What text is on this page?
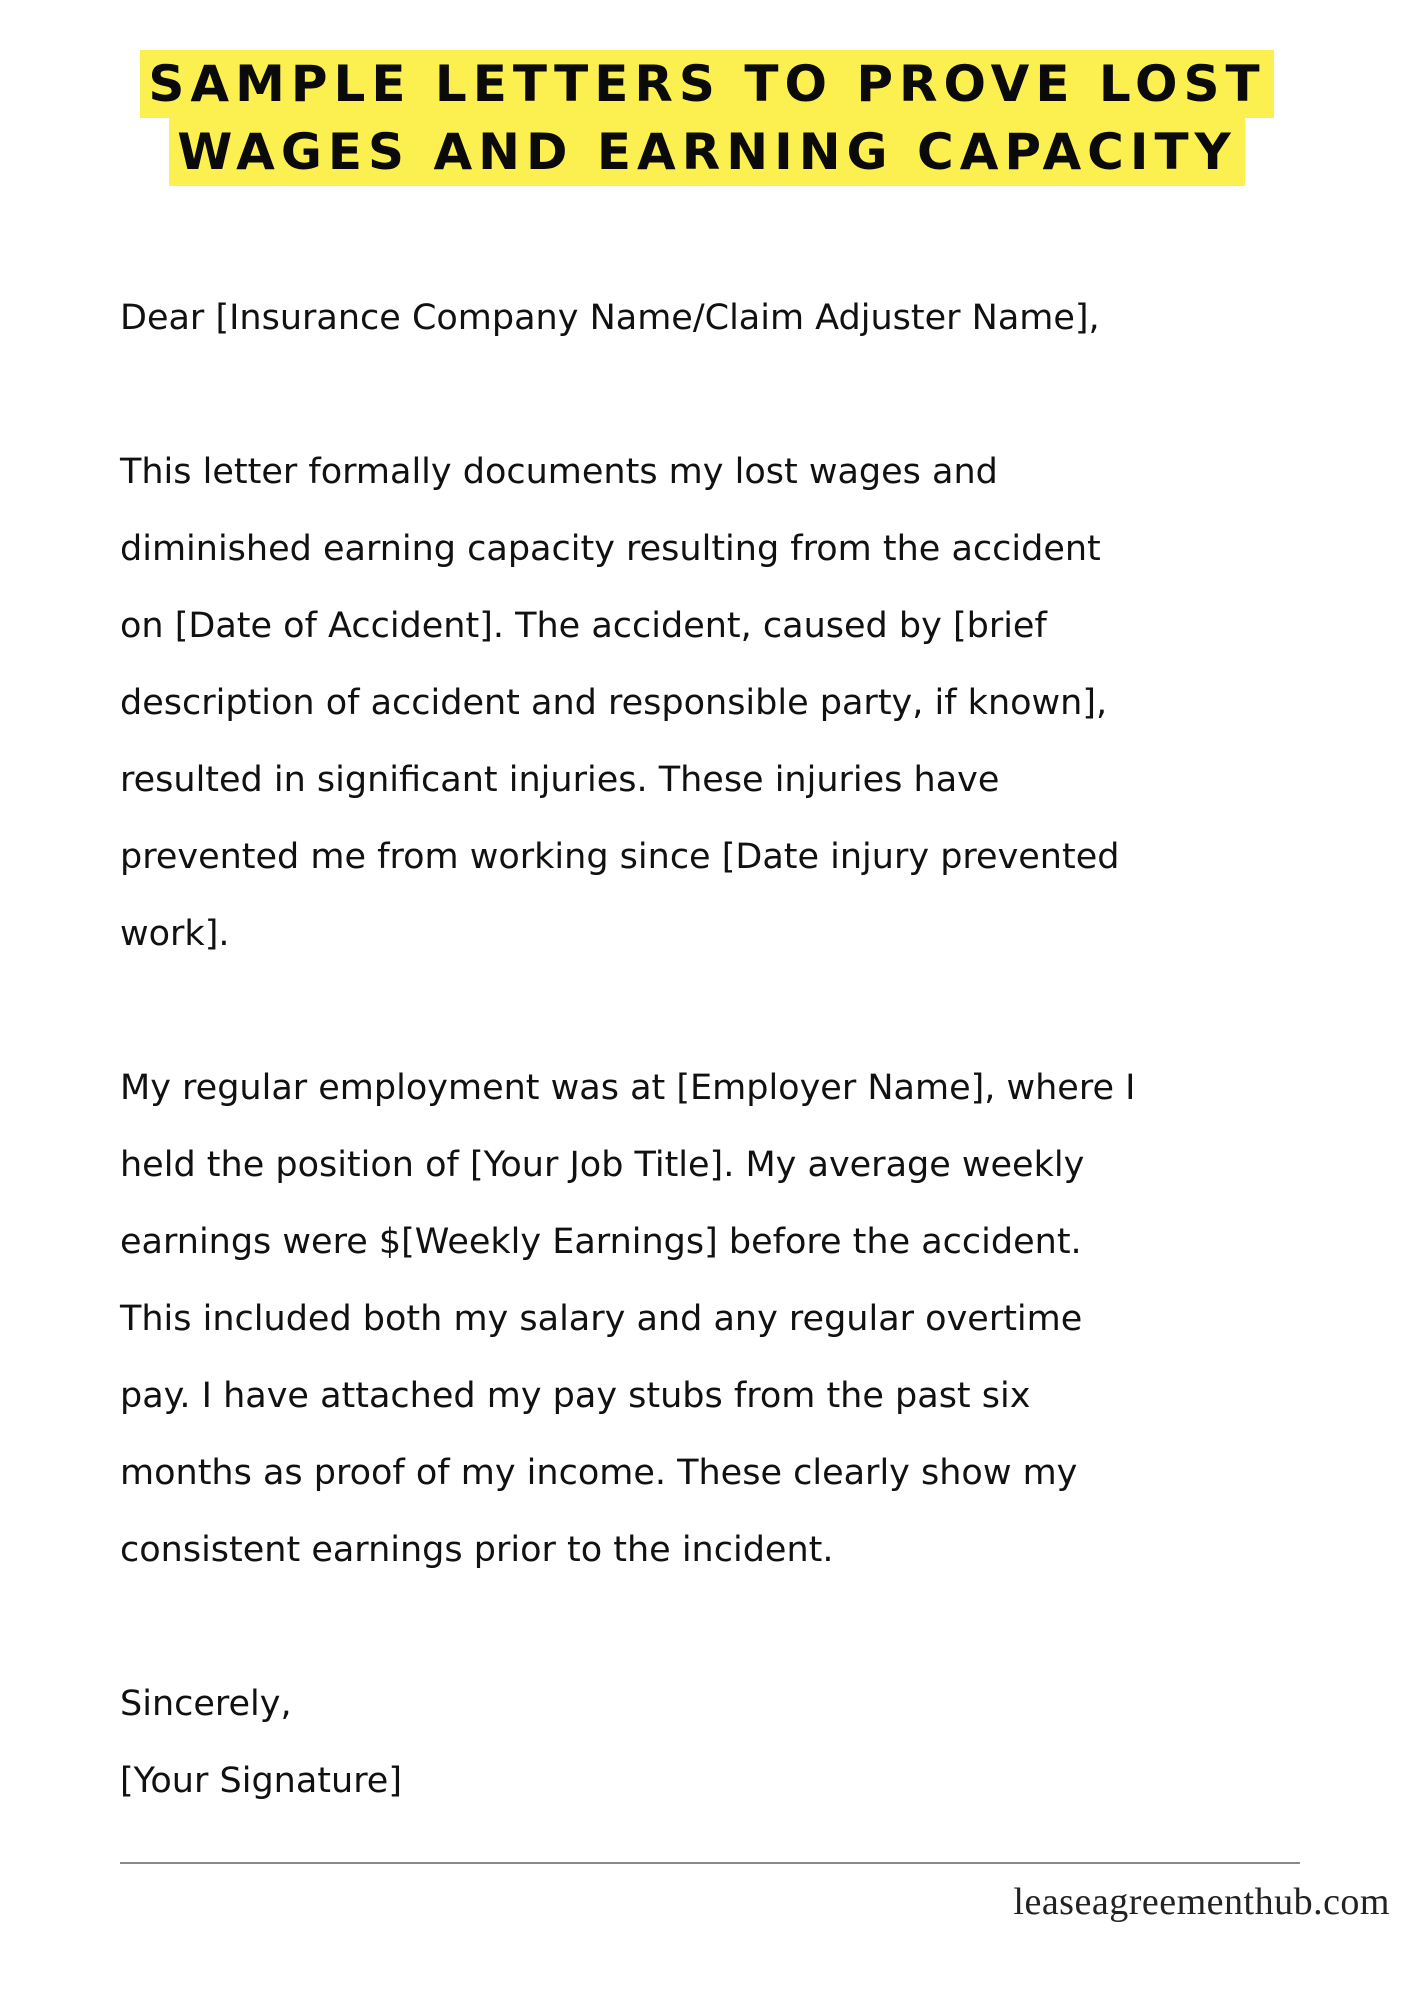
SAMPLE LETTERS TO PROVE LOST
WAGES AND EARNING CAPACITY

Dear [Insurance Company Name/Claim Adjuster Name],

This letter formally documents my lost wages and

diminished earning capacity resulting from the accident

on [Date of Accident]. The accident, caused by [brief

description of accident and responsible party, if known],

resulted in significant injuries. These injuries have

prevented me from working since [Date injury prevented

work].

My regular employment was at [Employer Name], where I

held the position of [Your Job Title]. My average weekly

earnings were $[Weekly Earnings] before the accident.

This included both my salary and any regular overtime

pay. I have attached my pay stubs from the past six

months as proof of my income. These clearly show my

consistent earnings prior to the incident.

Sincerely,

[Your Signature]

leaseagreementhub.com
